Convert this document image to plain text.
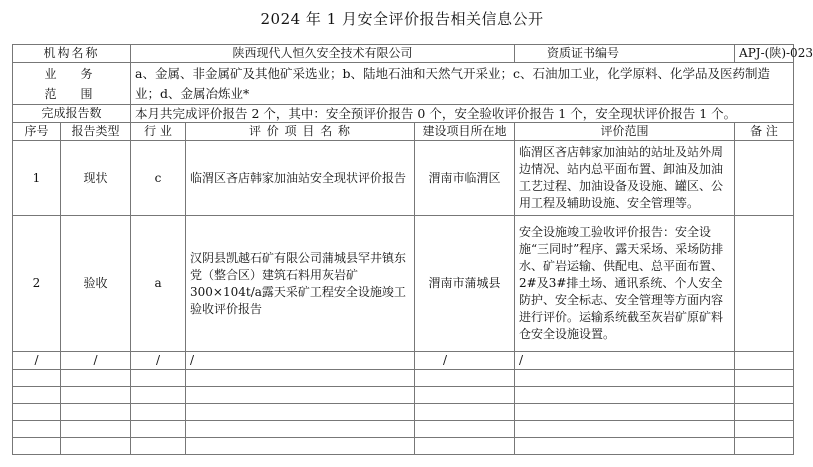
2024 年 1 月安全评价报告相关信息公开
机构名称		陕西现代人恒久安全技术有限公司			资质证书编号	APJ-(陕)-023

业　务
范　围		a、金属、非金属矿及其他矿采选业；b、陆地石油和天然气开采业；c、石油加工业，化学原料、化学品及医药制造业；d、金属冶炼业*				
完成报告数		本月共完成评价报告 2 个，其中：安全预评价报告 0 个，安全验收评价报告 1 个，安全现状评价报告 1 个。				
序号	报告类型	行 业	评 价 项 目 名 称	建设项目所在地	评价范围	备 注
1	现状	c	临渭区吝店韩家加油站安全现状评价报告	渭南市临渭区	临渭区吝店韩家加油站的站址及站外周边情况、站内总平面布置、卸油及加油工艺过程、加油设备及设施、罐区、公用工程及辅助设施、安全管理等。	
2	验收	a	汉阴县凯越石矿有限公司蒲城县罕井镇东党（整合区）建筑石料用灰岩矿300×104t/a露天采矿工程安全设施竣工验收评价报告	渭南市蒲城县	安全设施竣工验收评价报告：安全设施“三同时”程序、露天采场、采场防排水、矿岩运输、供配电、总平面布置、2#及3#排土场、通讯系统、个人安全防护、安全标志、安全管理等方面内容进行评价。运输系统截至灰岩矿原矿料仓安全设施设置。	
/	/	/	/	/	/	
